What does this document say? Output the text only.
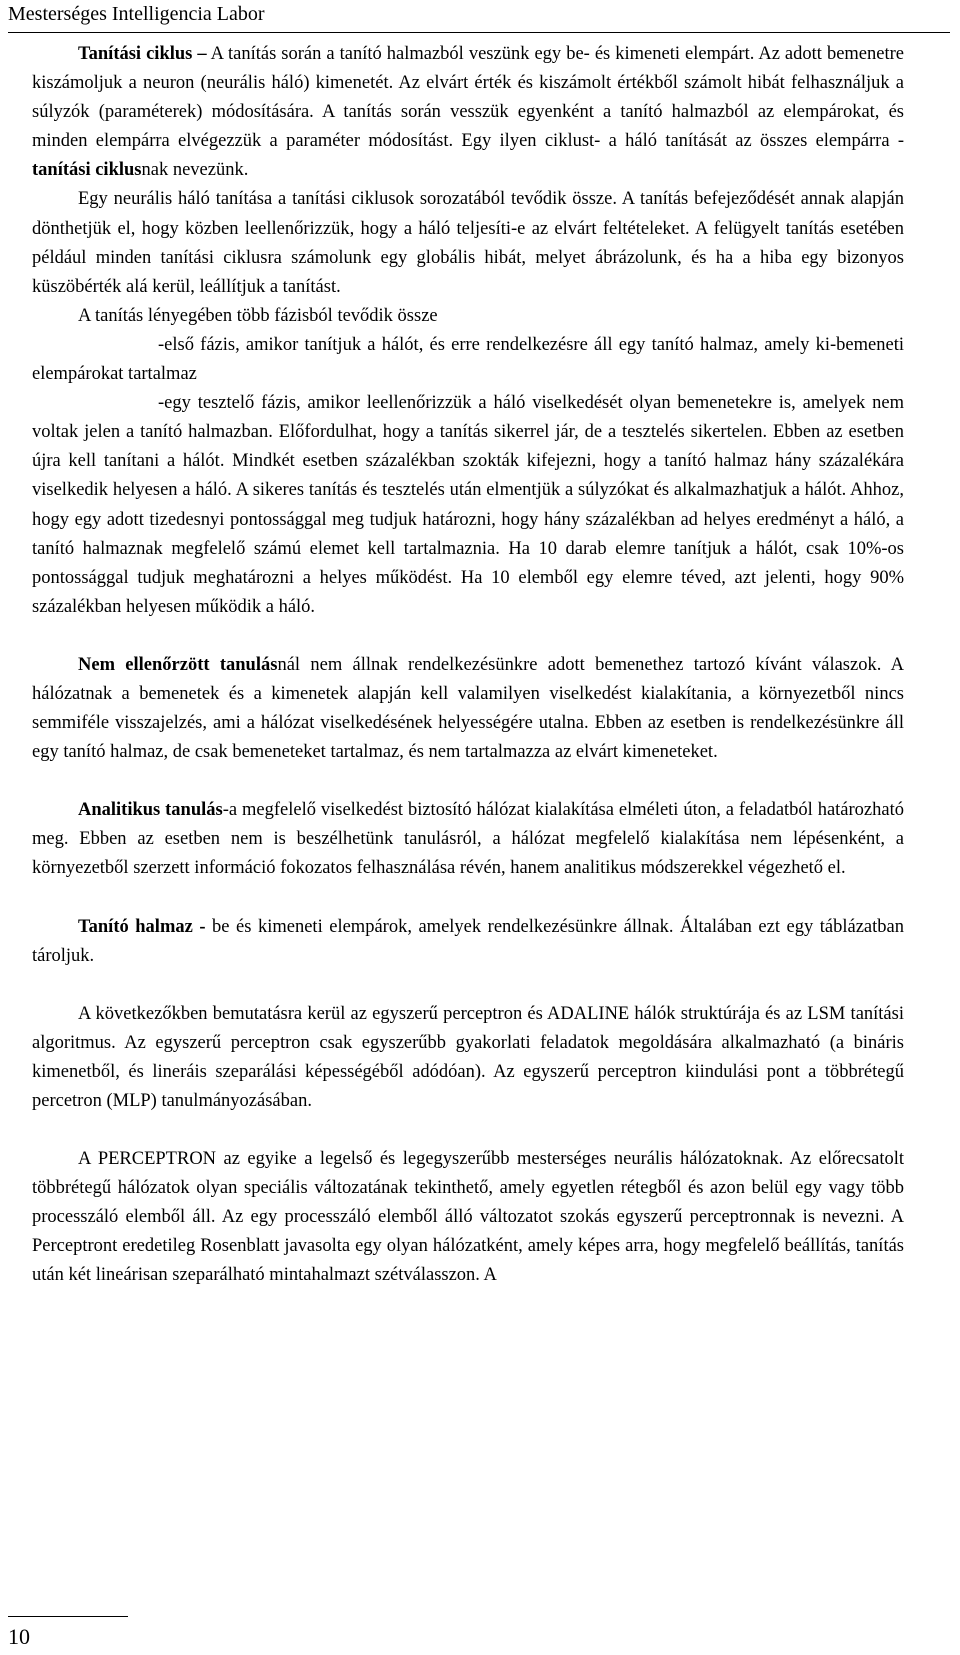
Mesterséges Intelligencia Labor

Tanítási ciklus – A tanítás során a tanító halmazból veszünk egy be- és kimeneti elempárt. Az adott bemenetre kiszámoljuk a neuron (neurális háló) kimenetét. Az elvárt érték és kiszámolt értékből számolt hibát felhasználjuk a súlyzók (paraméterek) módosítására. A tanítás során vesszük egyenként a tanító halmazból az elempárokat, és minden elempárra elvégezzük a paraméter módosítást. Egy ilyen ciklust- a háló tanítását az összes elempárra - tanítási ciklusnak nevezünk.

Egy neurális háló tanítása a tanítási ciklusok sorozatából tevődik össze. A tanítás befejeződését annak alapján dönthetjük el, hogy közben leellenőrizzük, hogy a háló teljesíti-e az elvárt feltételeket. A felügyelt tanítás esetében például minden tanítási ciklusra számolunk egy globális hibát, melyet ábrázolunk, és ha a hiba egy bizonyos küszöbérték alá kerül, leállítjuk a tanítást.

A tanítás lényegében több fázisból tevődik össze

-első fázis, amikor tanítjuk a hálót, és erre rendelkezésre áll egy tanító halmaz, amely ki-bemeneti elempárokat tartalmaz

-egy tesztelő fázis, amikor leellenőrizzük a háló viselkedését olyan bemenetekre is, amelyek nem voltak jelen a tanító halmazban. Előfordulhat, hogy a tanítás sikerrel jár, de a tesztelés sikertelen. Ebben az esetben újra kell tanítani a hálót. Mindkét esetben százalékban szokták kifejezni, hogy a tanító halmaz hány százalékára viselkedik helyesen a háló. A sikeres tanítás és tesztelés után elmentjük a súlyzókat és alkalmazhatjuk a hálót. Ahhoz, hogy egy adott tizedesnyi pontossággal meg tudjuk határozni, hogy hány százalékban ad helyes eredményt a háló, a tanító halmaznak megfelelő számú elemet kell tartalmaznia. Ha 10 darab elemre tanítjuk a hálót, csak 10%-os pontossággal tudjuk meghatározni a helyes működést. Ha 10 elemből egy elemre téved, azt jelenti, hogy 90% százalékban helyesen működik a háló.

Nem ellenőrzött tanulásnál nem állnak rendelkezésünkre adott bemenethez tartozó kívánt válaszok. A hálózatnak a bemenetek és a kimenetek alapján kell valamilyen viselkedést kialakítania, a környezetből nincs semmiféle visszajelzés, ami a hálózat viselkedésének helyességére utalna. Ebben az esetben is rendelkezésünkre áll egy tanító halmaz, de csak bemeneteket tartalmaz, és nem tartalmazza az elvárt kimeneteket.

Analitikus tanulás-a megfelelő viselkedést biztosító hálózat kialakítása elméleti úton, a feladatból határozható meg. Ebben az esetben nem is beszélhetünk tanulásról, a hálózat megfelelő kialakítása nem lépésenként, a környezetből szerzett információ fokozatos felhasználása révén, hanem analitikus módszerekkel végezhető el.

Tanító halmaz - be és kimeneti elempárok, amelyek rendelkezésünkre állnak. Általában ezt egy táblázatban tároljuk.

A következőkben bemutatásra kerül az egyszerű perceptron és ADALINE hálók struktúrája és az LSM tanítási algoritmus. Az egyszerű perceptron csak egyszerűbb gyakorlati feladatok megoldására alkalmazható (a bináris kimenetből, és lineráis szeparálási képességéből adódóan). Az egyszerű perceptron kiindulási pont a többrétegű percetron (MLP) tanulmányozásában.

A PERCEPTRON az egyike a legelső és legegyszerűbb mesterséges neurális hálózatoknak. Az előrecsatolt többrétegű hálózatok olyan speciális változatának tekinthető, amely egyetlen rétegből és azon belül egy vagy több processzáló elemből áll. Az egy processzáló elemből álló változatot szokás egyszerű perceptronnak is nevezni. A Perceptront eredetileg Rosenblatt javasolta egy olyan hálózatként, amely képes arra, hogy megfelelő beállítás, tanítás után két lineárisan szeparálható mintahalmazt szétválasszon. A

10
